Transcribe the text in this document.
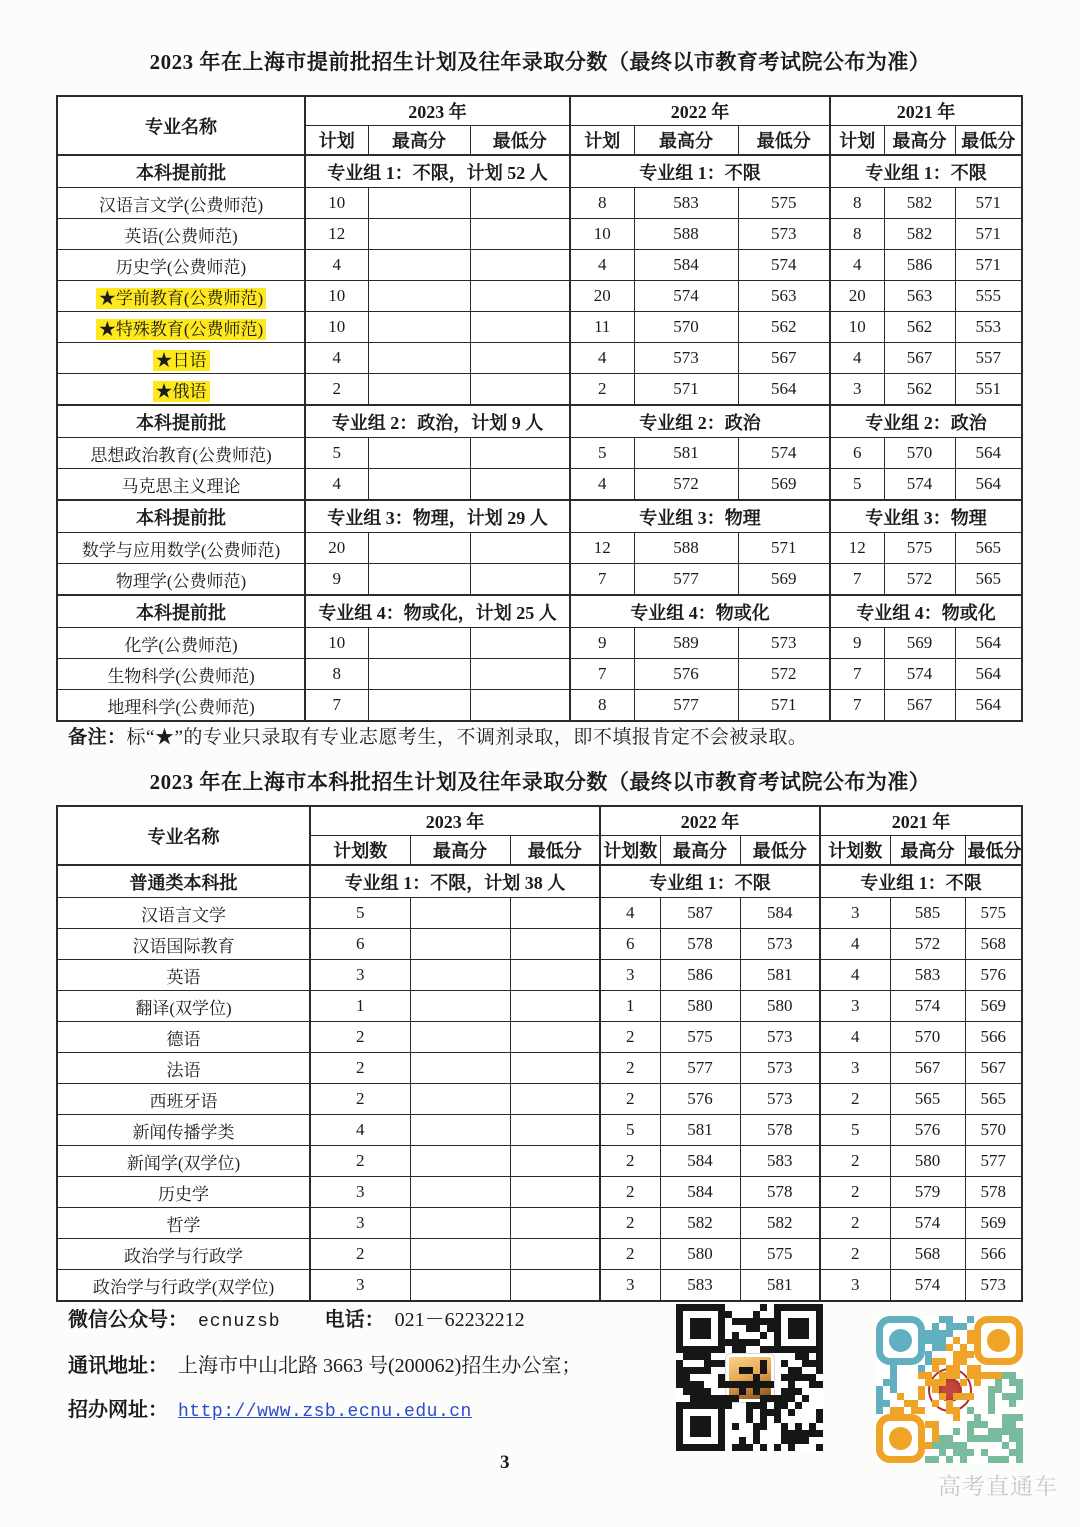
2023 年在上海市提前批招生计划及往年录取分数（最终以市教育考试院公布为准）
专业名称	2023 年			2022 年			2021 年		
	计划	最高分	最低分	计划	最高分	最低分	计划	最高分	最低分
本科提前批	专业组 1：不限，计划 52 人			专业组 1：不限			专业组 1：不限		
汉语言文学(公费师范)	10			8	583	575	8	582	571
英语(公费师范)	12			10	588	573	8	582	571
历史学(公费师范)	4			4	584	574	4	586	571
★学前教育(公费师范)	10			20	574	563	20	563	555
★特殊教育(公费师范)	10			11	570	562	10	562	553
★日语	4			4	573	567	4	567	557
★俄语	2			2	571	564	3	562	551
本科提前批	专业组 2：政治，计划 9 人			专业组 2：政治			专业组 2：政治		
思想政治教育(公费师范)	5			5	581	574	6	570	564
马克思主义理论	4			4	572	569	5	574	564
本科提前批	专业组 3：物理，计划 29 人			专业组 3：物理			专业组 3：物理		
数学与应用数学(公费师范)	20			12	588	571	12	575	565
物理学(公费师范)	9			7	577	569	7	572	565
本科提前批	专业组 4：物或化，计划 25 人			专业组 4：物或化			专业组 4：物或化		
化学(公费师范)	10			9	589	573	9	569	564
生物科学(公费师范)	8			7	576	572	7	574	564
地理科学(公费师范)	7			8	577	571	7	567	564
备注：标“★”的专业只录取有专业志愿考生，不调剂录取，即不填报肯定不会被录取。
2023 年在上海市本科批招生计划及往年录取分数（最终以市教育考试院公布为准）
专业名称	2023 年			2022 年			2021 年		
	计划数	最高分	最低分	计划数	最高分	最低分	计划数	最高分	最低分
普通类本科批	专业组 1：不限，计划 38 人			专业组 1：不限			专业组 1：不限		
汉语言文学	5			4	587	584	3	585	575
汉语国际教育	6			6	578	573	4	572	568
英语	3			3	586	581	4	583	576
翻译(双学位)	1			1	580	580	3	574	569
德语	2			2	575	573	4	570	566
法语	2			2	577	573	3	567	567
西班牙语	2			2	576	573	2	565	565
新闻传播学类	4			5	581	578	5	576	570
新闻学(双学位)	2			2	584	583	2	580	577
历史学	3			2	584	578	2	579	578
哲学	3			2	582	582	2	574	569
政治学与行政学	2			2	580	575	2	568	566
政治学与行政学(双学位)	3			3	583	581	3	574	573
微信公众号： ecnuzsb 电话： 021－62232212
通讯地址： 上海市中山北路 3663 号(200062)招生办公室；
招办网址： http://www.zsb.ecnu.edu.cn
3
高考直通车
